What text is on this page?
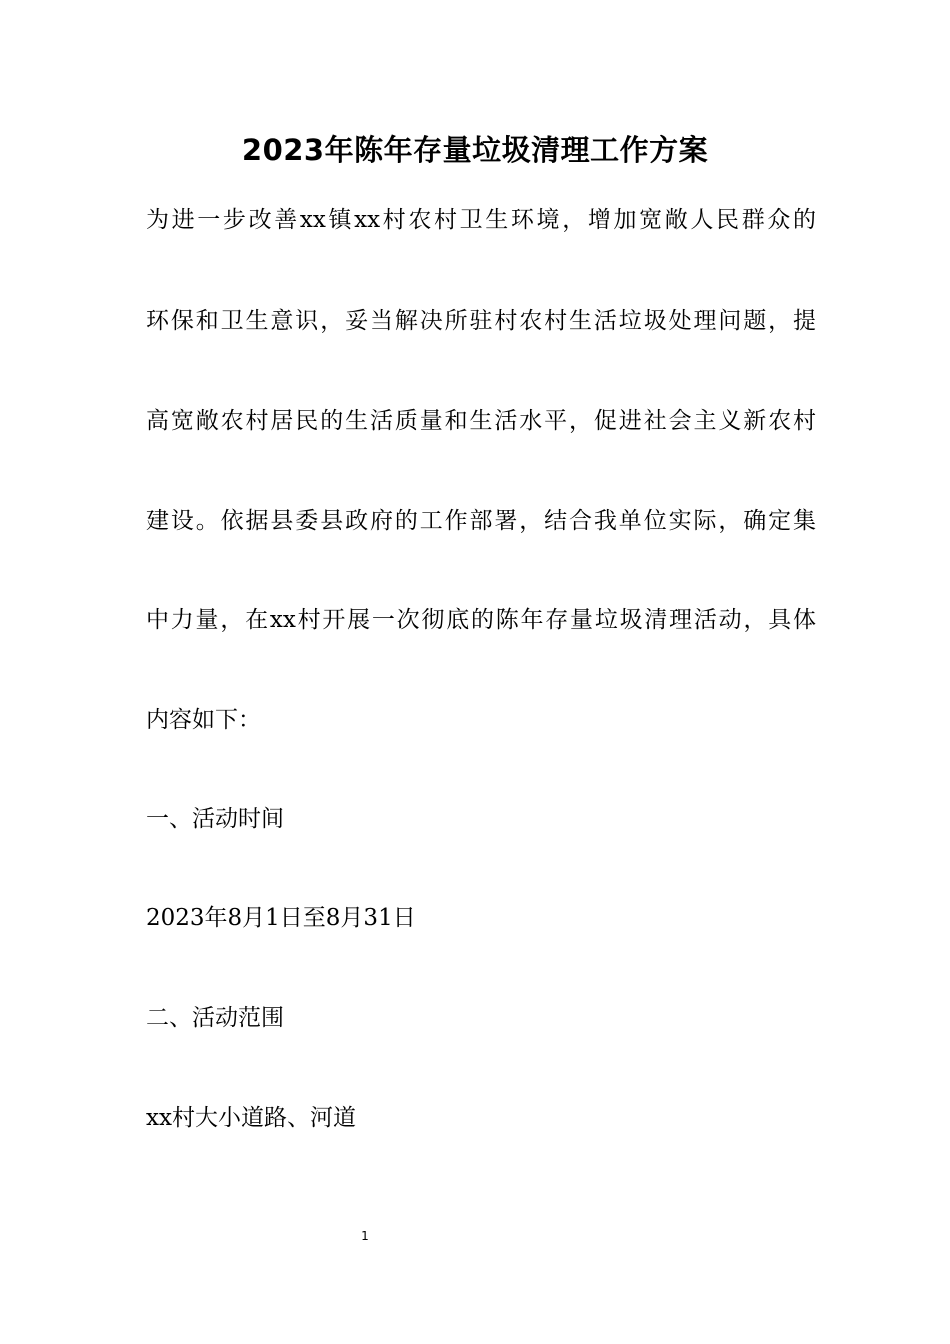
2023年陈年存量垃圾清理工作方案
为进一步改善xx镇xx村农村卫生环境，增加宽敞人民群众的
环保和卫生意识，妥当解决所驻村农村生活垃圾处理问题，提
高宽敞农村居民的生活质量和生活水平，促进社会主义新农村
建设。依据县委县政府的工作部署，结合我单位实际，确定集
中力量，在xx村开展一次彻底的陈年存量垃圾清理活动，具体
内容如下：
一、活动时间
2023年8月1日至8月31日
二、活动范围
xx村大小道路、河道
1
